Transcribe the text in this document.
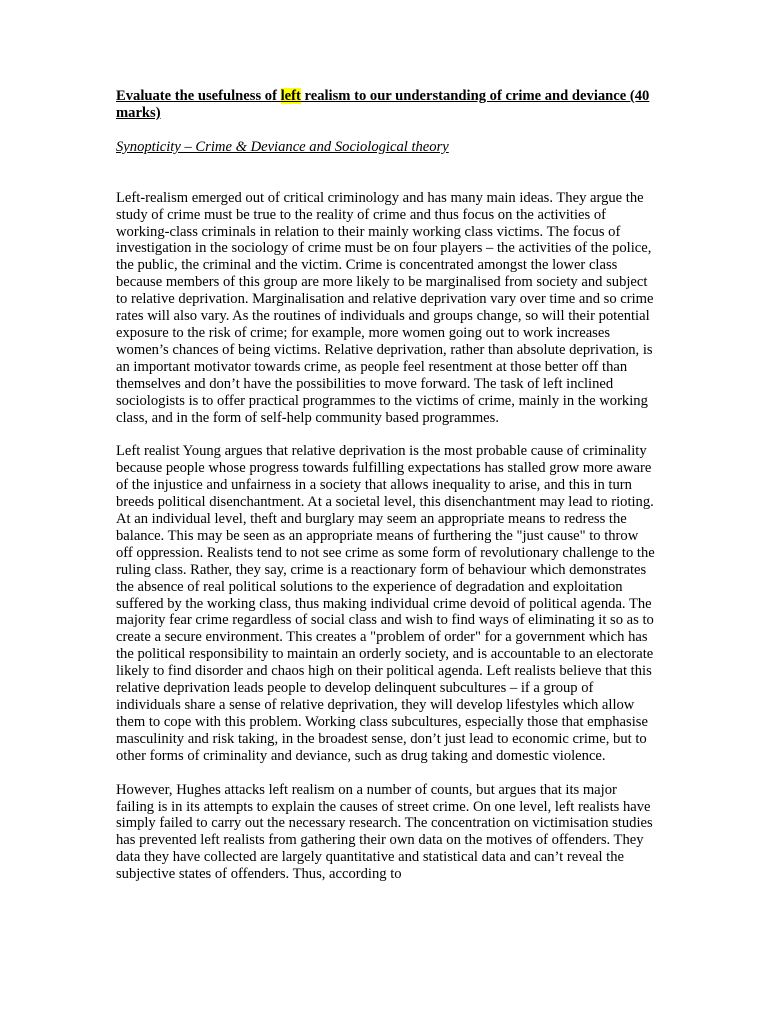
Evaluate the usefulness of left realism to our understanding of crime and deviance (40 marks)

Synopticity – Crime & Deviance and Sociological theory

Left-realism emerged out of critical criminology and has many main ideas. They argue the study of crime must be true to the reality of crime and thus focus on the activities of working-class criminals in relation to their mainly working class victims. The focus of investigation in the sociology of crime must be on four players – the activities of the police, the public, the criminal and the victim. Crime is concentrated amongst the lower class because members of this group are more likely to be marginalised from society and subject to relative deprivation. Marginalisation and relative deprivation vary over time and so crime rates will also vary. As the routines of individuals and groups change, so will their potential exposure to the risk of crime; for example, more women going out to work increases women’s chances of being victims. Relative deprivation, rather than absolute deprivation, is an important motivator towards crime, as people feel resentment at those better off than themselves and don’t have the possibilities to move forward. The task of left inclined sociologists is to offer practical programmes to the victims of crime, mainly in the working class, and in the form of self-help community based programmes.

Left realist Young argues that relative deprivation is the most probable cause of criminality because people whose progress towards fulfilling expectations has stalled grow more aware of the injustice and unfairness in a society that allows inequality to arise, and this in turn breeds political disenchantment. At a societal level, this disenchantment may lead to rioting. At an individual level, theft and burglary may seem an appropriate means to redress the balance. This may be seen as an appropriate means of furthering the "just cause" to throw off oppression. Realists tend to not see crime as some form of revolutionary challenge to the ruling class. Rather, they say, crime is a reactionary form of behaviour which demonstrates the absence of real political solutions to the experience of degradation and exploitation suffered by the working class, thus making individual crime devoid of political agenda. The majority fear crime regardless of social class and wish to find ways of eliminating it so as to create a secure environment. This creates a "problem of order" for a government which has the political responsibility to maintain an orderly society, and is accountable to an electorate likely to find disorder and chaos high on their political agenda. Left realists believe that this relative deprivation leads people to develop delinquent subcultures – if a group of individuals share a sense of relative deprivation, they will develop lifestyles which allow them to cope with this problem. Working class subcultures, especially those that emphasise masculinity and risk taking, in the broadest sense, don’t just lead to economic crime, but to other forms of criminality and deviance, such as drug taking and domestic violence.

However, Hughes attacks left realism on a number of counts, but argues that its major failing is in its attempts to explain the causes of street crime. On one level, left realists have simply failed to carry out the necessary research. The concentration on victimisation studies has prevented left realists from gathering their own data on the motives of offenders. They data they have collected are largely quantitative and statistical data and can’t reveal the subjective states of offenders. Thus, according to
